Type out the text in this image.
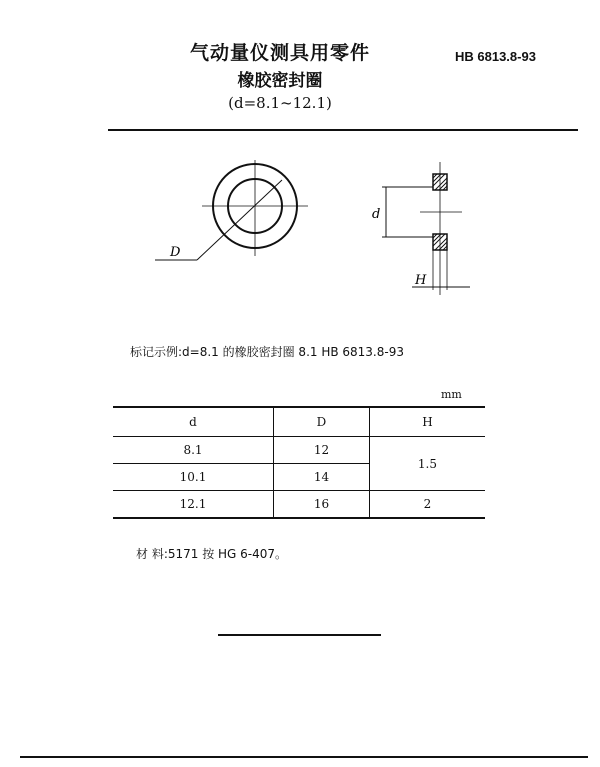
气动量仪测具用零件
橡胶密封圈
(d=8.1~12.1)
HB 6813.8-93
D
d
H
标记示例:d=8.1 的橡胶密封圈 8.1 HB 6813.8-93
mm
d	D	H
8.1	12	1.5
10.1	14	
12.1	16	2
材 料:5171 按 HG 6-407。
